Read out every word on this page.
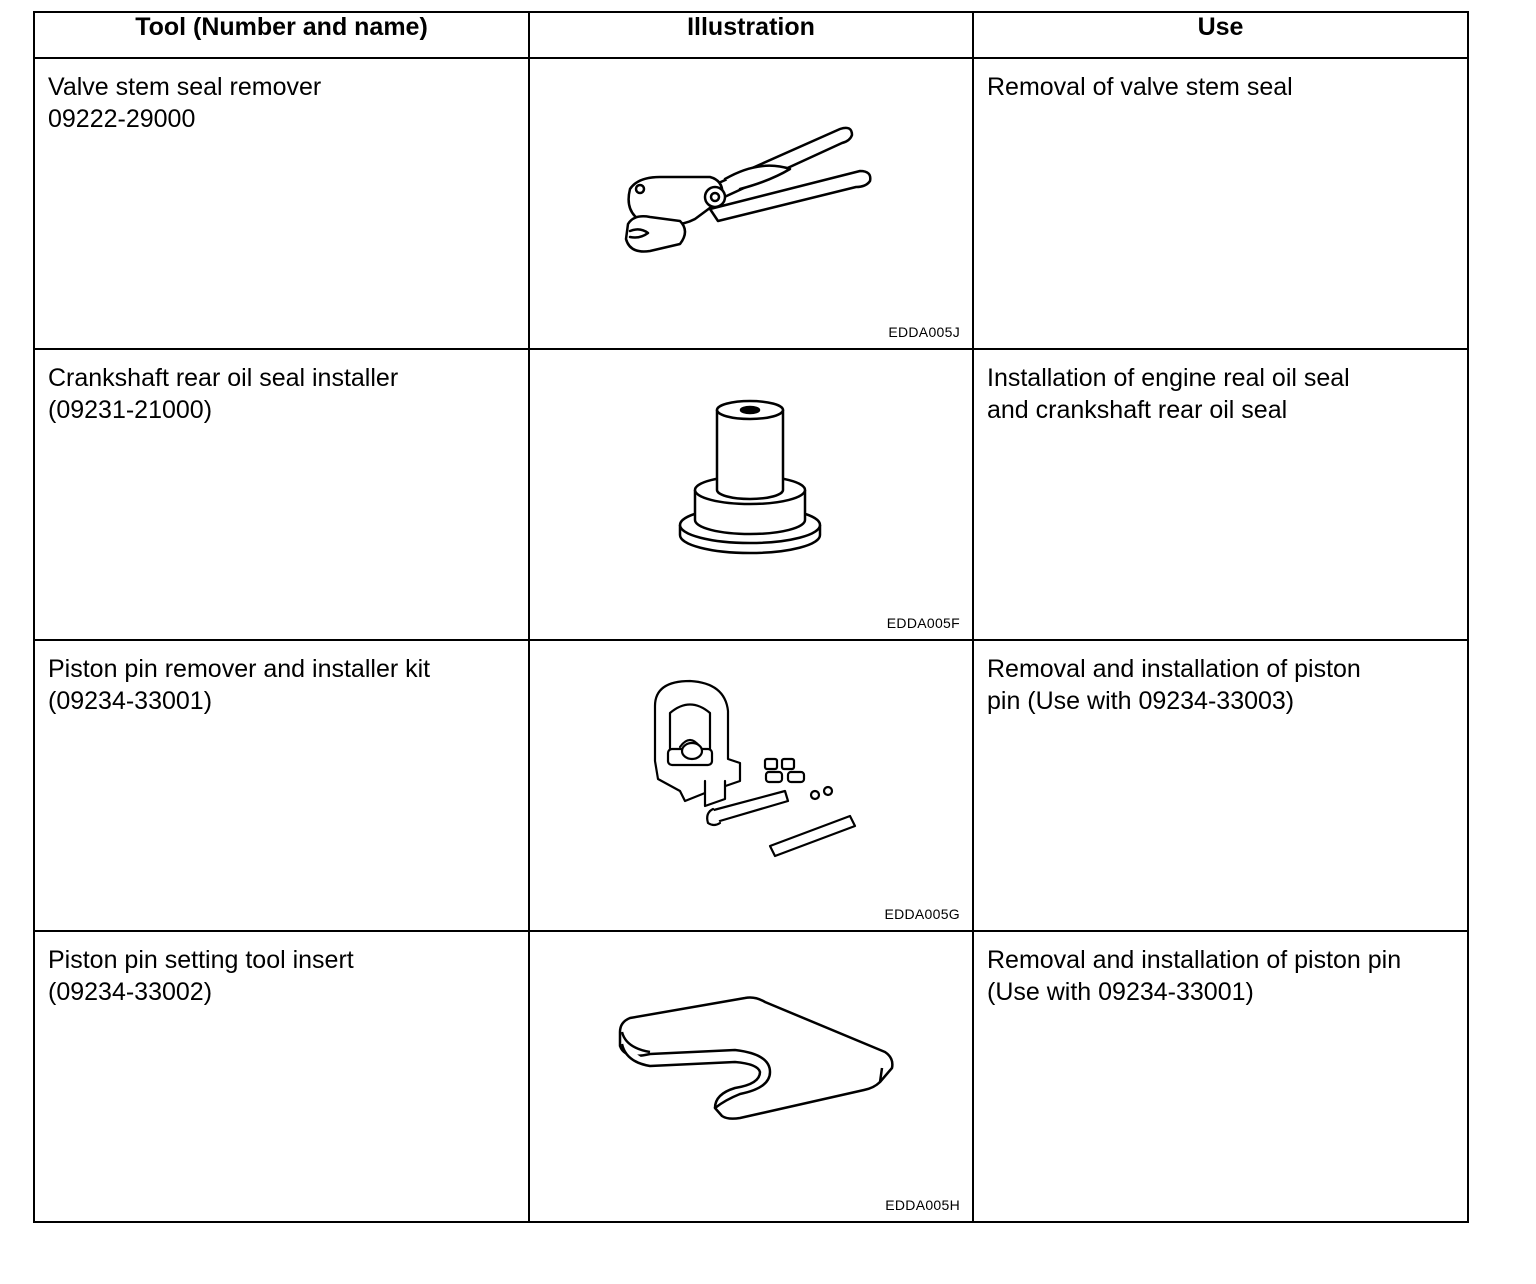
Tool (Number and name)	Illustration	Use

Valve stem seal remover
09222-29000	EDDA005J	Removal of valve stem seal

Crankshaft rear oil seal installer
(09231-21000)	EDDA005F	Installation of engine real oil seal
and crankshaft rear oil seal

Piston pin remover and installer kit
(09234-33001)	EDDA005G	Removal and installation of piston
pin (Use with 09234-33003)

Piston pin setting tool insert
(09234-33002)	EDDA005H	Removal and installation of piston pin
(Use with 09234-33001)
